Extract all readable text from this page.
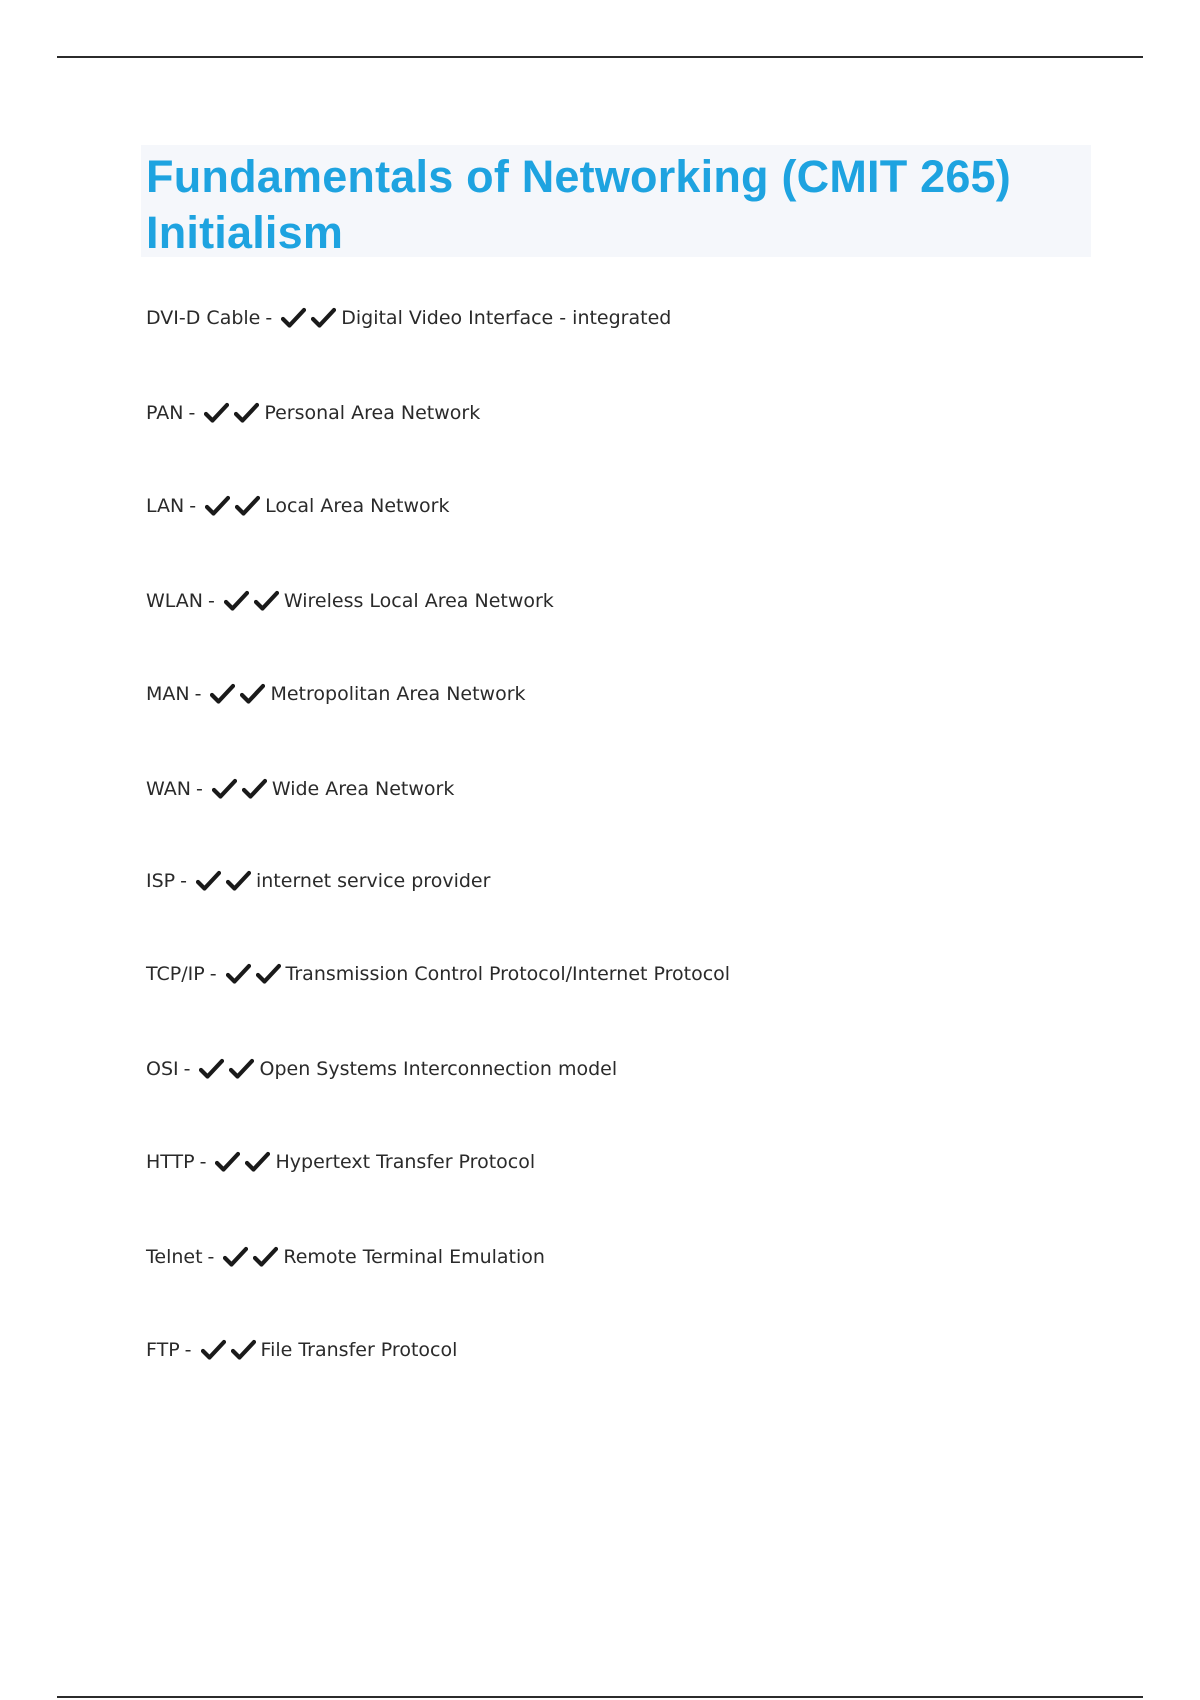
Fundamentals of Networking (CMIT 265)
Initialism
DVI-D Cable -	Digital Video Interface - integrated
PAN -	Personal Area Network
LAN -	Local Area Network
WLAN -	Wireless Local Area Network
MAN -	Metropolitan Area Network
WAN -	Wide Area Network
ISP -	internet service provider
TCP/IP -	Transmission Control Protocol/Internet Protocol
OSI -	Open Systems Interconnection model
HTTP -	Hypertext Transfer Protocol
Telnet -	Remote Terminal Emulation
FTP -	File Transfer Protocol
